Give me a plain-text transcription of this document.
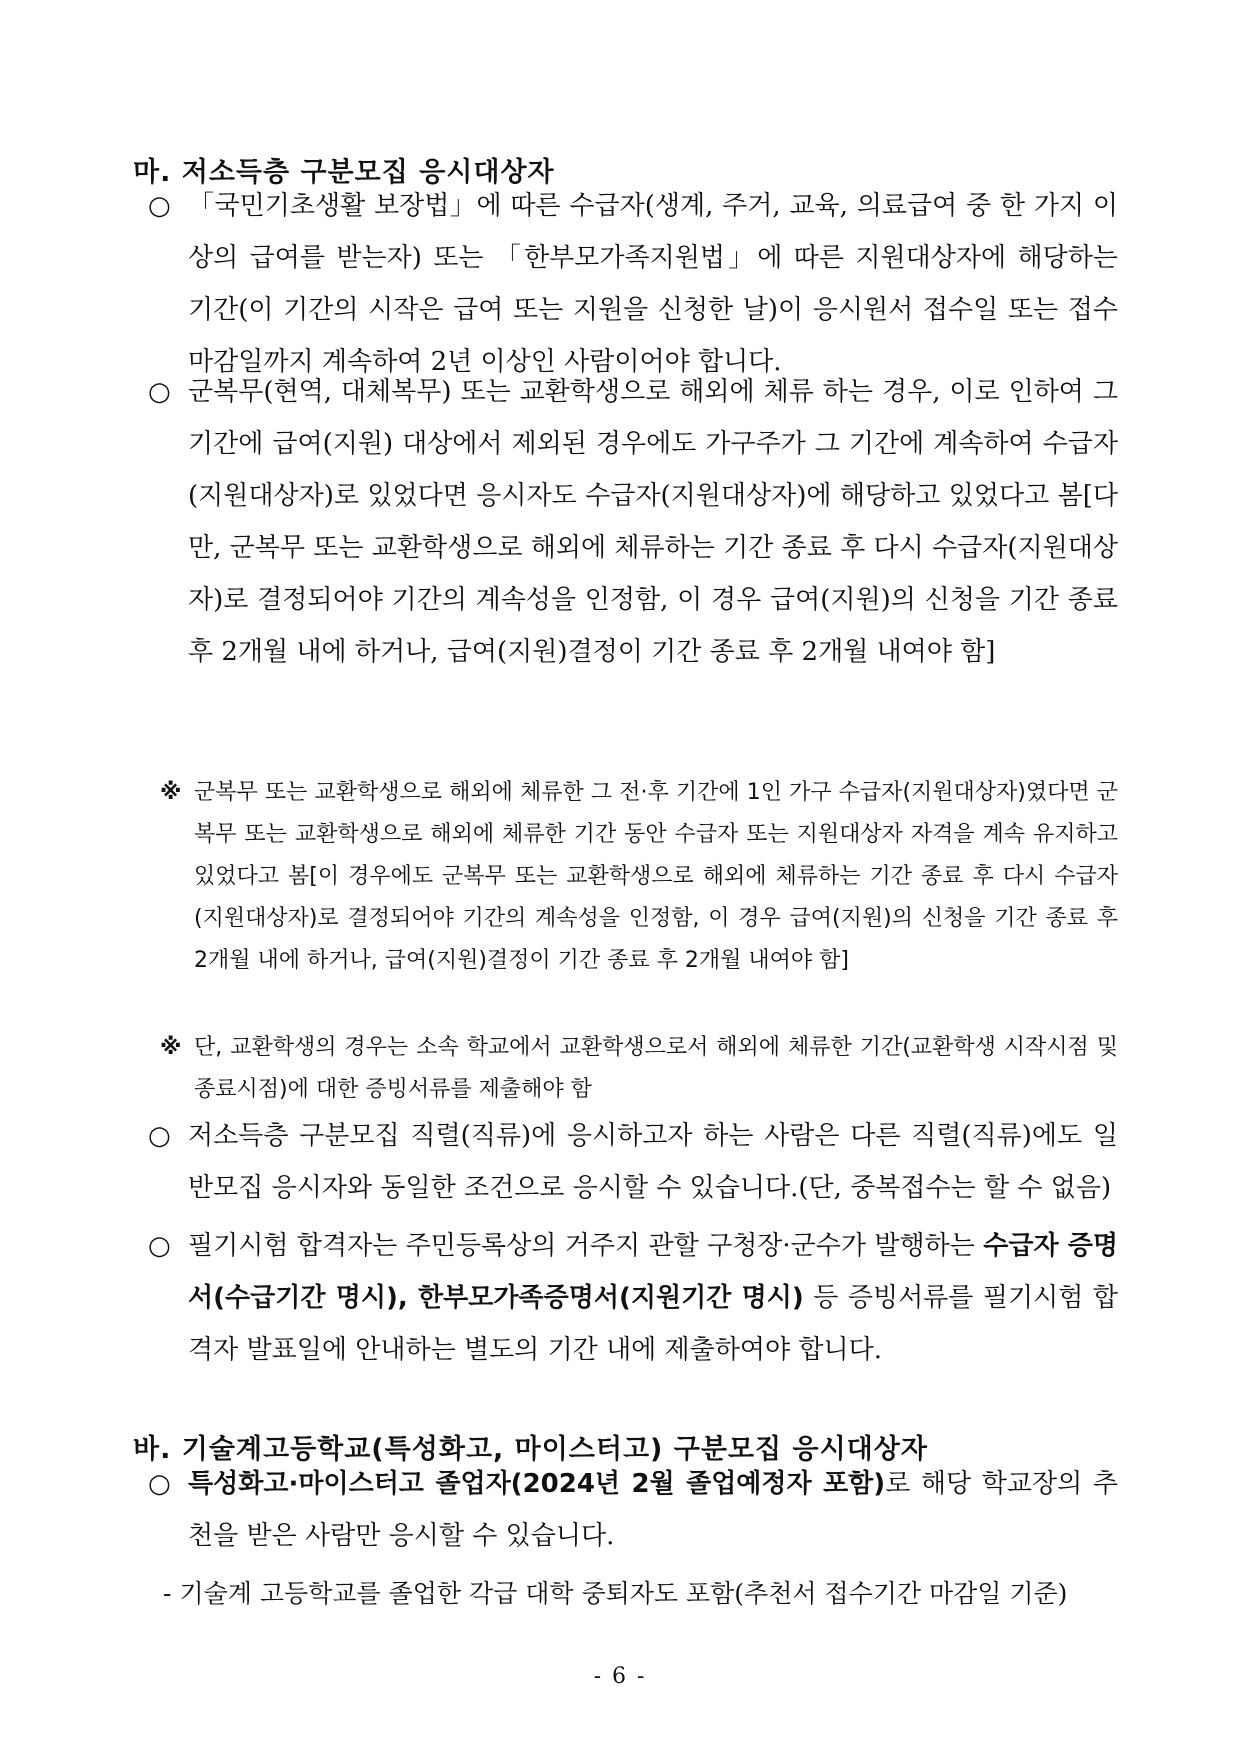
마. 저소득층 구분모집 응시대상자
○ 「국민기초생활 보장법」에 따른 수급자(생계, 주거, 교육, 의료급여 중 한 가지 이상의 급여를 받는자) 또는 「한부모가족지원법」에 따른 지원대상자에 해당하는 기간(이 기간의 시작은 급여 또는 지원을 신청한 날)이 응시원서 접수일 또는 접수마감일까지 계속하여 2년 이상인 사람이어야 합니다.
○ 군복무(현역, 대체복무) 또는 교환학생으로 해외에 체류 하는 경우, 이로 인하여 그 기간에 급여(지원) 대상에서 제외된 경우에도 가구주가 그 기간에 계속하여 수급자(지원대상자)로 있었다면 응시자도 수급자(지원대상자)에 해당하고 있었다고 봄[다만, 군복무 또는 교환학생으로 해외에 체류하는 기간 종료 후 다시 수급자(지원대상자)로 결정되어야 기간의 계속성을 인정함, 이 경우 급여(지원)의 신청을 기간 종료 후 2개월 내에 하거나, 급여(지원)결정이 기간 종료 후 2개월 내여야 함]
※ 군복무 또는 교환학생으로 해외에 체류한 그 전·후 기간에 1인 가구 수급자(지원대상자)였다면 군복무 또는 교환학생으로 해외에 체류한 기간 동안 수급자 또는 지원대상자 자격을 계속 유지하고 있었다고 봄[이 경우에도 군복무 또는 교환학생으로 해외에 체류하는 기간 종료 후 다시 수급자(지원대상자)로 결정되어야 기간의 계속성을 인정함, 이 경우 급여(지원)의 신청을 기간 종료 후 2개월 내에 하거나, 급여(지원)결정이 기간 종료 후 2개월 내여야 함]
※ 단, 교환학생의 경우는 소속 학교에서 교환학생으로서 해외에 체류한 기간(교환학생 시작시점 및 종료시점)에 대한 증빙서류를 제출해야 함
○ 저소득층 구분모집 직렬(직류)에 응시하고자 하는 사람은 다른 직렬(직류)에도 일반모집 응시자와 동일한 조건으로 응시할 수 있습니다.(단, 중복접수는 할 수 없음)
○ 필기시험 합격자는 주민등록상의 거주지 관할 구청장·군수가 발행하는 수급자 증명서(수급기간 명시), 한부모가족증명서(지원기간 명시) 등 증빙서류를 필기시험 합격자 발표일에 안내하는 별도의 기간 내에 제출하여야 합니다.
바. 기술계고등학교(특성화고, 마이스터고) 구분모집 응시대상자
○ 특성화고·마이스터고 졸업자(2024년 2월 졸업예정자 포함)로 해당 학교장의 추천을 받은 사람만 응시할 수 있습니다.
- 기술계 고등학교를 졸업한 각급 대학 중퇴자도 포함(추천서 접수기간 마감일 기준)
- 6 -
